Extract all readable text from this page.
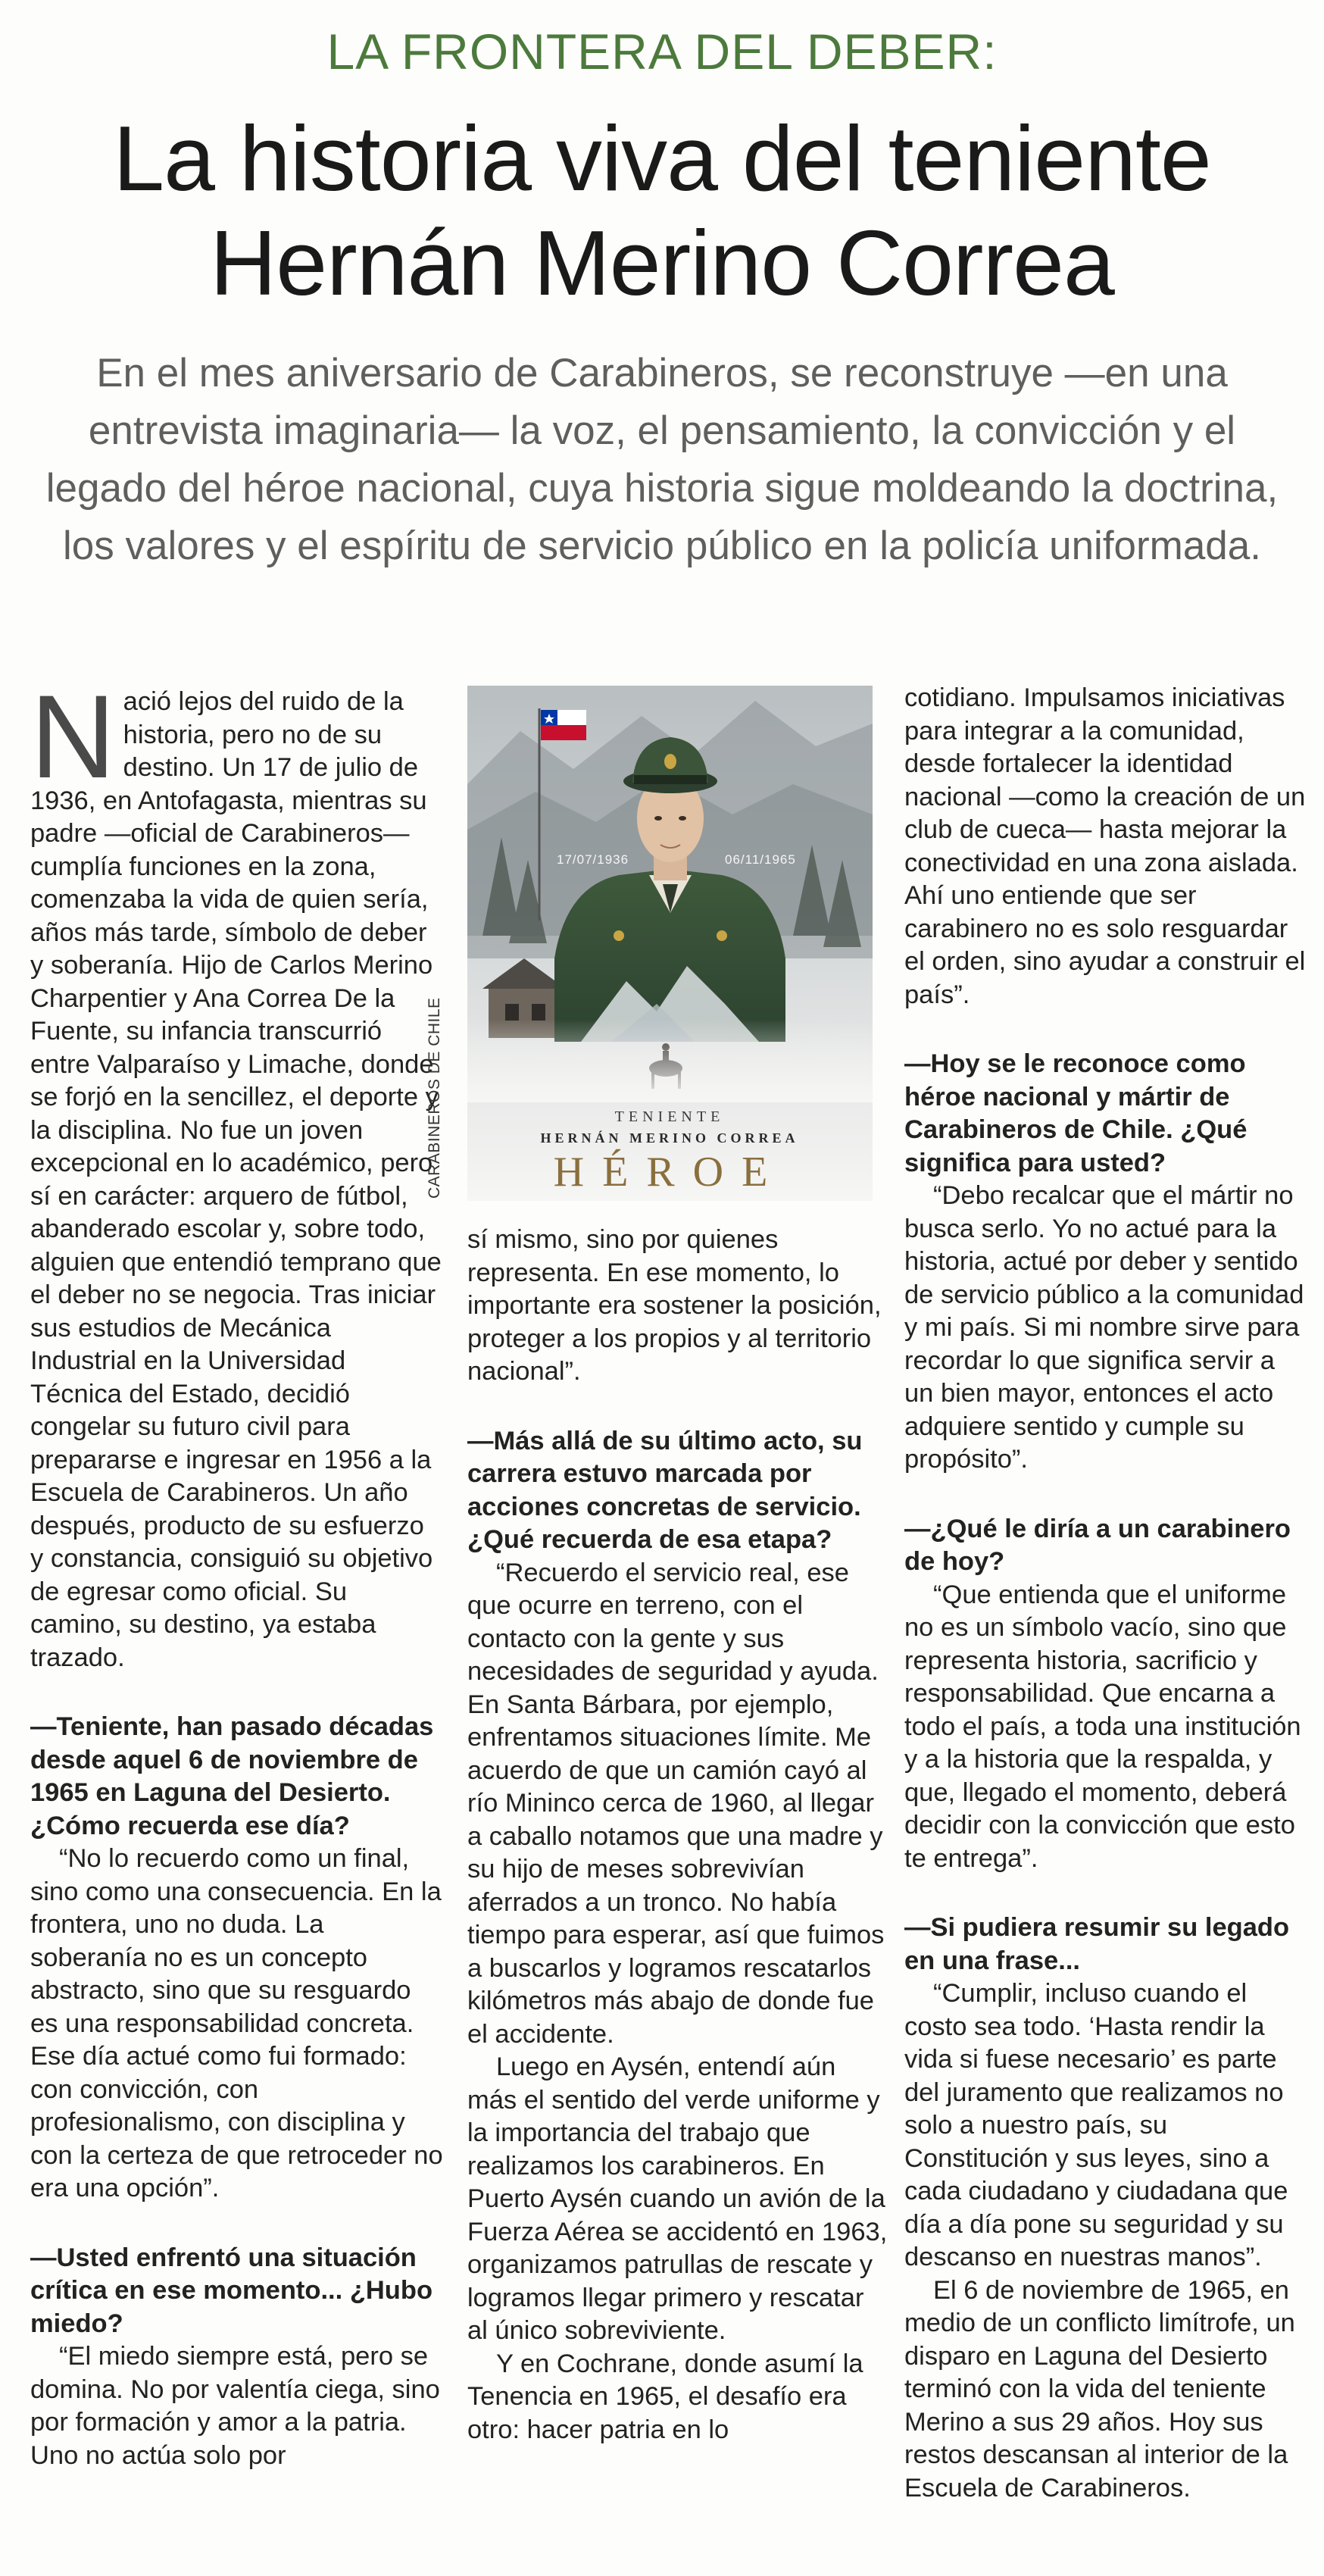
LA FRONTERA DEL DEBER:
La historia viva del teniente
Hernán Merino Correa
En el mes aniversario de Carabineros, se reconstruye —en una entrevista imaginaria— la voz, el pensamiento, la convicción y el legado del héroe nacional, cuya historia sigue moldeando la doctrina, los valores y el espíritu de servicio público en la policía uniformada.

Nació lejos del ruido de la historia, pero no de su destino. Un 17 de julio de 1936, en Antofagasta, mientras su padre —oficial de Carabineros— cumplía funciones en la zona, comenzaba la vida de quien sería, años más tarde, símbolo de deber y soberanía. Hijo de Carlos Merino Charpentier y Ana Correa De la Fuente, su infancia transcurrió entre Valparaíso y Limache, donde se forjó en la sencillez, el deporte y la disciplina. No fue un joven excepcional en lo académico, pero sí en carácter: arquero de fútbol, abanderado escolar y, sobre todo, alguien que entendió temprano que el deber no se negocia. Tras iniciar sus estudios de Mecánica Industrial en la Universidad Técnica del Estado, decidió congelar su futuro civil para prepararse e ingresar en 1956 a la Escuela de Carabineros. Un año después, producto de su esfuerzo y constancia, consiguió su objetivo de egresar como oficial. Su camino, su destino, ya estaba trazado.

—Teniente, han pasado décadas desde aquel 6 de noviembre de 1965 en Laguna del Desierto. ¿Cómo recuerda ese día?

“No lo recuerdo como un final, sino como una consecuencia. En la frontera, uno no duda. La soberanía no es un concepto abstracto, sino que su resguardo es una responsabilidad concreta. Ese día actué como fui formado: con convicción, con profesionalismo, con disciplina y con la certeza de que retroceder no era una opción”.

—Usted enfrentó una situación crítica en ese momento... ¿Hubo miedo?

“El miedo siempre está, pero se domina. No por valentía ciega, sino por formación y amor a la patria. Uno no actúa solo por

17/07/1936	06/11/1965
TENIENTE
HERNÁN MERINO CORREA
HÉROE
CARABINEROS DE CHILE

sí mismo, sino por quienes representa. En ese momento, lo importante era sostener la posición, proteger a los propios y al territorio nacional”.

—Más allá de su último acto, su carrera estuvo marcada por acciones concretas de servicio. ¿Qué recuerda de esa etapa?

“Recuerdo el servicio real, ese que ocurre en terreno, con el contacto con la gente y sus necesidades de seguridad y ayuda. En Santa Bárbara, por ejemplo, enfrentamos situaciones límite. Me acuerdo de que un camión cayó al río Mininco cerca de 1960, al llegar a caballo notamos que una madre y su hijo de meses sobrevivían aferrados a un tronco. No había tiempo para esperar, así que fuimos a buscarlos y logramos rescatarlos kilómetros más abajo de donde fue el accidente.

Luego en Aysén, entendí aún más el sentido del verde uniforme y la importancia del trabajo que realizamos los carabineros. En Puerto Aysén cuando un avión de la Fuerza Aérea se accidentó en 1963, organizamos patrullas de rescate y logramos llegar primero y rescatar al único sobreviviente.

Y en Cochrane, donde asumí la Tenencia en 1965, el desafío era otro: hacer patria en lo

cotidiano. Impulsamos iniciativas para integrar a la comunidad, desde fortalecer la identidad nacional —como la creación de un club de cueca— hasta mejorar la conectividad en una zona aislada. Ahí uno entiende que ser carabinero no es solo resguardar el orden, sino ayudar a construir el país”.

—Hoy se le reconoce como héroe nacional y mártir de Carabineros de Chile. ¿Qué significa para usted?

“Debo recalcar que el mártir no busca serlo. Yo no actué para la historia, actué por deber y sentido de servicio público a la comunidad y mi país. Si mi nombre sirve para recordar lo que significa servir a un bien mayor, entonces el acto adquiere sentido y cumple su propósito”.

—¿Qué le diría a un carabinero de hoy?

“Que entienda que el uniforme no es un símbolo vacío, sino que representa historia, sacrificio y responsabilidad. Que encarna a todo el país, a toda una institución y a la historia que la respalda, y que, llegado el momento, deberá decidir con la convicción que esto te entrega”.

—Si pudiera resumir su legado en una frase...

“Cumplir, incluso cuando el costo sea todo. ‘Hasta rendir la vida si fuese necesario’ es parte del juramento que realizamos no solo a nuestro país, su Constitución y sus leyes, sino a cada ciudadano y ciudadana que día a día pone su seguridad y su descanso en nuestras manos”.

El 6 de noviembre de 1965, en medio de un conflicto limítrofe, un disparo en Laguna del Desierto terminó con la vida del teniente Merino a sus 29 años. Hoy sus restos descansan al interior de la Escuela de Carabineros.
